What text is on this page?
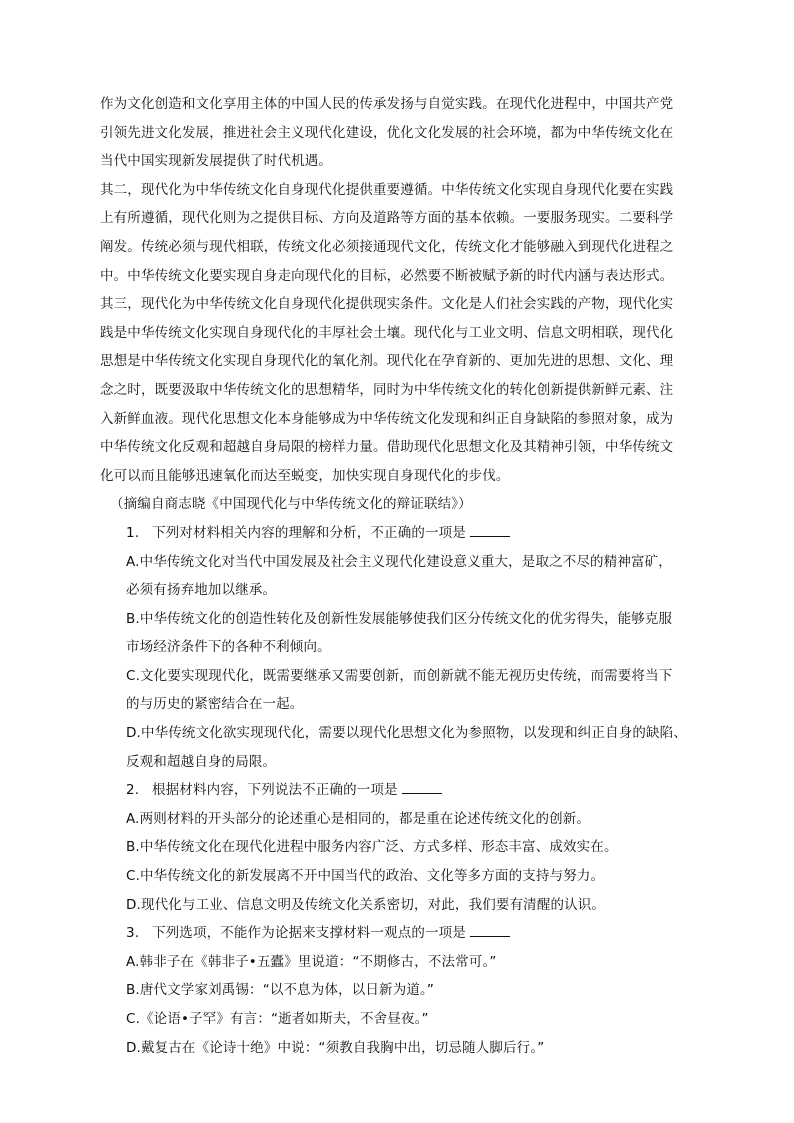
作为文化创造和文化享用主体的中国人民的传承发扬与自觉实践。在现代化进程中，中国共产党
引领先进文化发展，推进社会主义现代化建设，优化文化发展的社会环境，都为中华传统文化在
当代中国实现新发展提供了时代机遇。
其二，现代化为中华传统文化自身现代化提供重要遵循。中华传统文化实现自身现代化要在实践
上有所遵循，现代化则为之提供目标、方向及道路等方面的基本依赖。一要服务现实。二要科学
阐发。传统必须与现代相联，传统文化必须接通现代文化，传统文化才能够融入到现代化进程之
中。中华传统文化要实现自身走向现代化的目标，必然要不断被赋予新的时代内涵与表达形式。
其三，现代化为中华传统文化自身现代化提供现实条件。文化是人们社会实践的产物，现代化实
践是中华传统文化实现自身现代化的丰厚社会土壤。现代化与工业文明、信息文明相联，现代化
思想是中华传统文化实现自身现代化的氧化剂。现代化在孕育新的、更加先进的思想、文化、理
念之时，既要汲取中华传统文化的思想精华，同时为中华传统文化的转化创新提供新鲜元素、注
入新鲜血液。现代化思想文化本身能够成为中华传统文化发现和纠正自身缺陷的参照对象，成为
中华传统文化反观和超越自身局限的榜样力量。借助现代化思想文化及其精神引领，中华传统文
化可以而且能够迅速氧化而达至蜕变，加快实现自身现代化的步伐。
（摘编自商志晓《中国现代化与中华传统文化的辩证联结》）
1. 下列对材料相关内容的理解和分析，不正确的一项是
A.中华传统文化对当代中国发展及社会主义现代化建设意义重大，是取之不尽的精神富矿，
必须有扬弃地加以继承。
B.中华传统文化的创造性转化及创新性发展能够使我们区分传统文化的优劣得失，能够克服
市场经济条件下的各种不利倾向。
C.文化要实现现代化，既需要继承又需要创新，而创新就不能无视历史传统，而需要将当下
的与历史的紧密结合在一起。
D.中华传统文化欲实现现代化，需要以现代化思想文化为参照物，以发现和纠正自身的缺陷、
反观和超越自身的局限。
2. 根据材料内容，下列说法不正确的一项是
A.两则材料的开头部分的论述重心是相同的，都是重在论述传统文化的创新。
B.中华传统文化在现代化进程中服务内容广泛、方式多样、形态丰富、成效实在。
C.中华传统文化的新发展离不开中国当代的政治、文化等多方面的支持与努力。
D.现代化与工业、信息文明及传统文化关系密切，对此，我们要有清醒的认识。
3. 下列选项，不能作为论据来支撑材料一观点的一项是
A.韩非子在《韩非子•五蠹》里说道：“不期修古，不法常可。”
B.唐代文学家刘禹锡：“以不息为体，以日新为道。”
C.《论语•子罕》有言：“逝者如斯夫，不舍昼夜。”
D.戴复古在《论诗十绝》中说：“须教自我胸中出，切忌随人脚后行。”
